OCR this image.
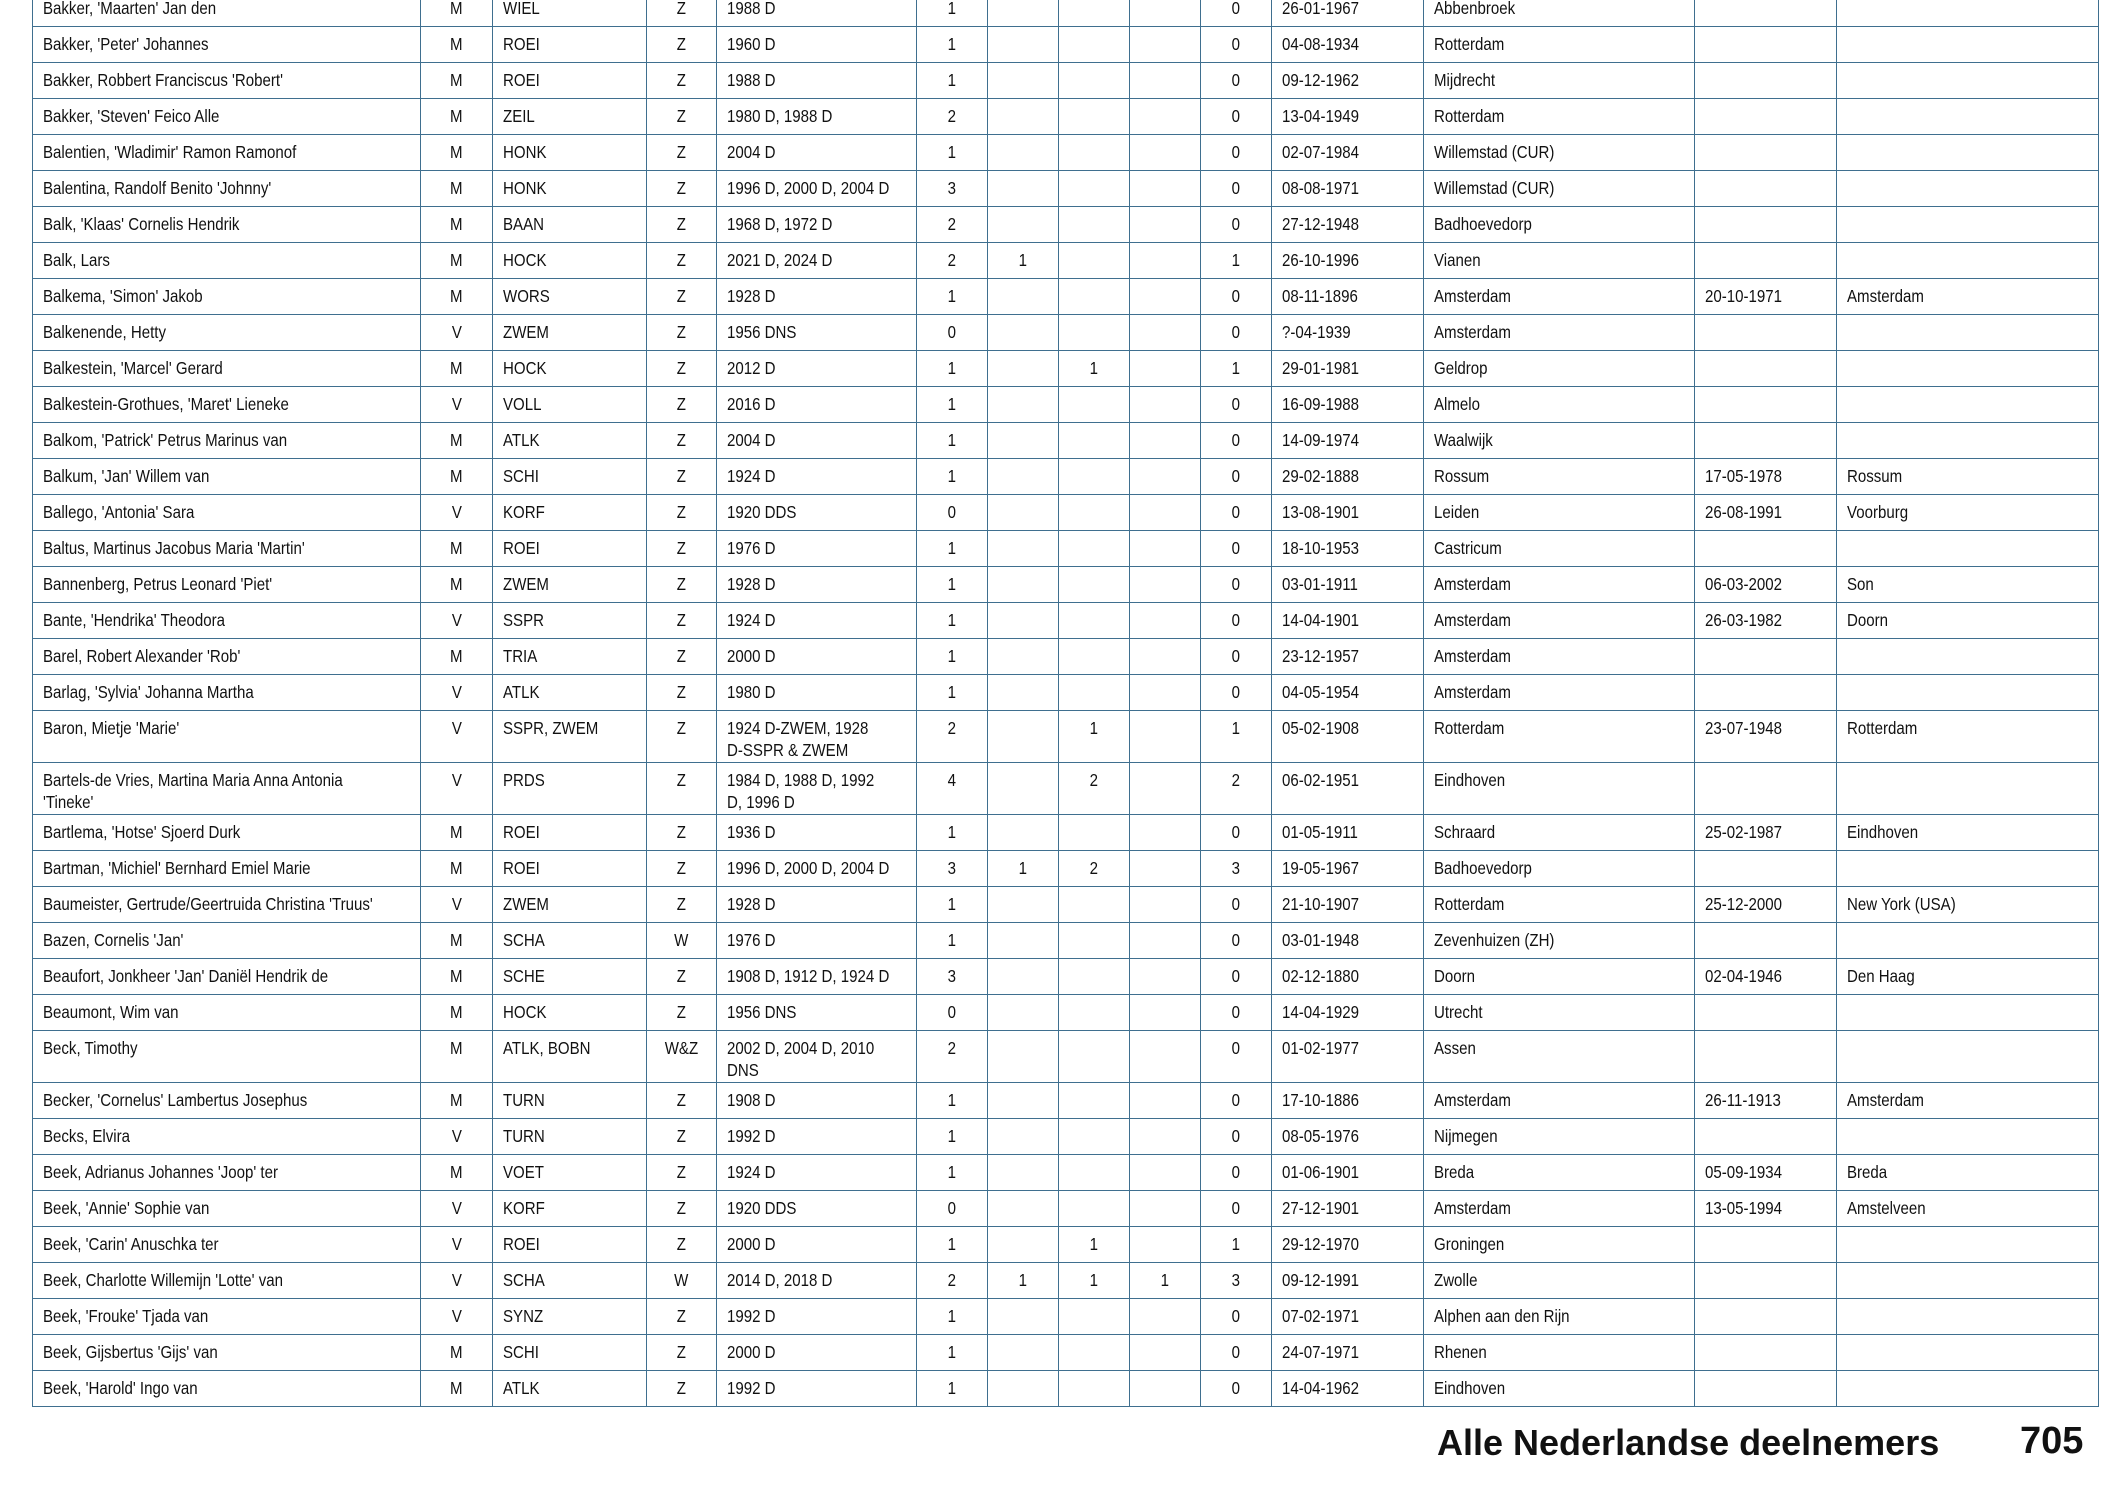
Bakker, 'Maarten' Jan den	M	WIEL	Z	1988 D	1				0	26-01-1967	Abbenbroek		
Bakker, 'Peter' Johannes	M	ROEI	Z	1960 D	1				0	04-08-1934	Rotterdam		
Bakker, Robbert Franciscus 'Robert'	M	ROEI	Z	1988 D	1				0	09-12-1962	Mijdrecht		
Bakker, 'Steven' Feico Alle	M	ZEIL	Z	1980 D, 1988 D	2				0	13-04-1949	Rotterdam		
Balentien, 'Wladimir' Ramon Ramonof	M	HONK	Z	2004 D	1				0	02-07-1984	Willemstad (CUR)		
Balentina, Randolf Benito 'Johnny'	M	HONK	Z	1996 D, 2000 D, 2004 D	3				0	08-08-1971	Willemstad (CUR)		
Balk, 'Klaas' Cornelis Hendrik	M	BAAN	Z	1968 D, 1972 D	2				0	27-12-1948	Badhoevedorp		
Balk, Lars	M	HOCK	Z	2021 D, 2024 D	2	1			1	26-10-1996	Vianen		
Balkema, 'Simon' Jakob	M	WORS	Z	1928 D	1				0	08-11-1896	Amsterdam	20-10-1971	Amsterdam
Balkenende, Hetty	V	ZWEM	Z	1956 DNS	0				0	?-04-1939	Amsterdam		
Balkestein, 'Marcel' Gerard	M	HOCK	Z	2012 D	1		1		1	29-01-1981	Geldrop		
Balkestein-Grothues, 'Maret' Lieneke	V	VOLL	Z	2016 D	1				0	16-09-1988	Almelo		
Balkom, 'Patrick' Petrus Marinus van	M	ATLK	Z	2004 D	1				0	14-09-1974	Waalwijk		
Balkum, 'Jan' Willem van	M	SCHI	Z	1924 D	1				0	29-02-1888	Rossum	17-05-1978	Rossum
Ballego, 'Antonia' Sara	V	KORF	Z	1920 DDS	0				0	13-08-1901	Leiden	26-08-1991	Voorburg
Baltus, Martinus Jacobus Maria 'Martin'	M	ROEI	Z	1976 D	1				0	18-10-1953	Castricum		
Bannenberg, Petrus Leonard 'Piet'	M	ZWEM	Z	1928 D	1				0	03-01-1911	Amsterdam	06-03-2002	Son
Bante, 'Hendrika' Theodora	V	SSPR	Z	1924 D	1				0	14-04-1901	Amsterdam	26-03-1982	Doorn
Barel, Robert Alexander 'Rob'	M	TRIA	Z	2000 D	1				0	23-12-1957	Amsterdam		
Barlag, 'Sylvia' Johanna Martha	V	ATLK	Z	1980 D	1				0	04-05-1954	Amsterdam		
Baron, Mietje 'Marie'	V	SSPR, ZWEM	Z	1924 D-ZWEM, 1928 D-SSPR & ZWEM	2		1		1	05-02-1908	Rotterdam	23-07-1948	Rotterdam
Bartels-de Vries, Martina Maria Anna Antonia 'Tineke'	V	PRDS	Z	1984 D, 1988 D, 1992 D, 1996 D	4		2		2	06-02-1951	Eindhoven		
Bartlema, 'Hotse' Sjoerd Durk	M	ROEI	Z	1936 D	1				0	01-05-1911	Schraard	25-02-1987	Eindhoven
Bartman, 'Michiel' Bernhard Emiel Marie	M	ROEI	Z	1996 D, 2000 D, 2004 D	3	1	2		3	19-05-1967	Badhoevedorp		
Baumeister, Gertrude/Geertruida Christina 'Truus'	V	ZWEM	Z	1928 D	1				0	21-10-1907	Rotterdam	25-12-2000	New York (USA)
Bazen, Cornelis 'Jan'	M	SCHA	W	1976 D	1				0	03-01-1948	Zevenhuizen (ZH)		
Beaufort, Jonkheer 'Jan' Daniël Hendrik de	M	SCHE	Z	1908 D, 1912 D, 1924 D	3				0	02-12-1880	Doorn	02-04-1946	Den Haag
Beaumont, Wim van	M	HOCK	Z	1956 DNS	0				0	14-04-1929	Utrecht		
Beck, Timothy	M	ATLK, BOBN	W&Z	2002 D, 2004 D, 2010 DNS	2				0	01-02-1977	Assen		
Becker, 'Cornelus' Lambertus Josephus	M	TURN	Z	1908 D	1				0	17-10-1886	Amsterdam	26-11-1913	Amsterdam
Becks, Elvira	V	TURN	Z	1992 D	1				0	08-05-1976	Nijmegen		
Beek, Adrianus Johannes 'Joop' ter	M	VOET	Z	1924 D	1				0	01-06-1901	Breda	05-09-1934	Breda
Beek, 'Annie' Sophie van	V	KORF	Z	1920 DDS	0				0	27-12-1901	Amsterdam	13-05-1994	Amstelveen
Beek, 'Carin' Anuschka ter	V	ROEI	Z	2000 D	1		1		1	29-12-1970	Groningen		
Beek, Charlotte Willemijn 'Lotte' van	V	SCHA	W	2014 D, 2018 D	2	1	1	1	3	09-12-1991	Zwolle		
Beek, 'Frouke' Tjada van	V	SYNZ	Z	1992 D	1				0	07-02-1971	Alphen aan den Rijn		
Beek, Gijsbertus 'Gijs' van	M	SCHI	Z	2000 D	1				0	24-07-1971	Rhenen		
Beek, 'Harold' Ingo van	M	ATLK	Z	1992 D	1				0	14-04-1962	Eindhoven		
Alle Nederlandse deelnemers 705
